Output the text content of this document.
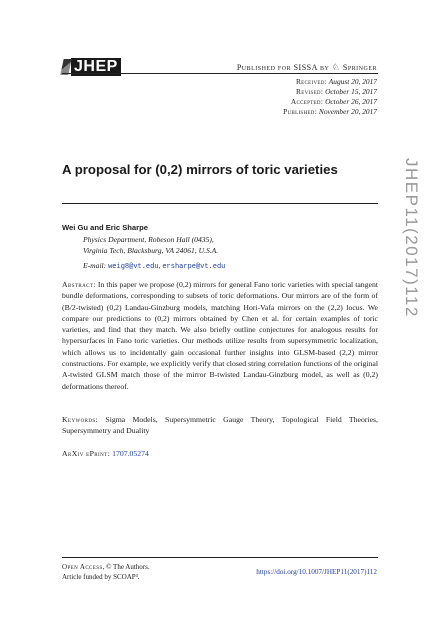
JHEP	Published for SISSA by ♘ Springer
Received: August 20, 2017
Revised: October 15, 2017
Accepted: October 26, 2017
Published: November 20, 2017
JHEP11(2017)112
A proposal for (0,2) mirrors of toric varieties
Wei Gu and Eric Sharpe
Physics Department, Robeson Hall (0435),
Virginia Tech, Blacksburg, VA 24061, U.S.A.
E-mail: weig8@vt.edu, ersharpe@vt.edu

Abstract: In this paper we propose (0,2) mirrors for general Fano toric varieties with special tangent bundle deformations, corresponding to subsets of toric deformations. Our mirrors are of the form of (B/2-twisted) (0,2) Landau-Ginzburg models, matching Hori-Vafa mirrors on the (2,2) locus. We compare our predictions to (0,2) mirrors obtained by Chen et al. for certain examples of toric varieties, and find that they match. We also briefly outline conjectures for analogous results for hypersurfaces in Fano toric varieties. Our methods utilize results from supersymmetric localization, which allows us to incidentally gain occasional further insights into GLSM-based (2,2) mirror constructions. For example, we explicitly verify that closed string correlation functions of the original A-twisted GLSM match those of the mirror B-twisted Landau-Ginzburg model, as well as (0,2) deformations thereof.

Keywords: Sigma Models, Supersymmetric Gauge Theory, Topological Field Theories, Supersymmetry and Duality

ArXiv ePrint: 1707.05274
Open Access, © The Authors.
Article funded by SCOAP³.
https://doi.org/10.1007/JHEP11(2017)112
